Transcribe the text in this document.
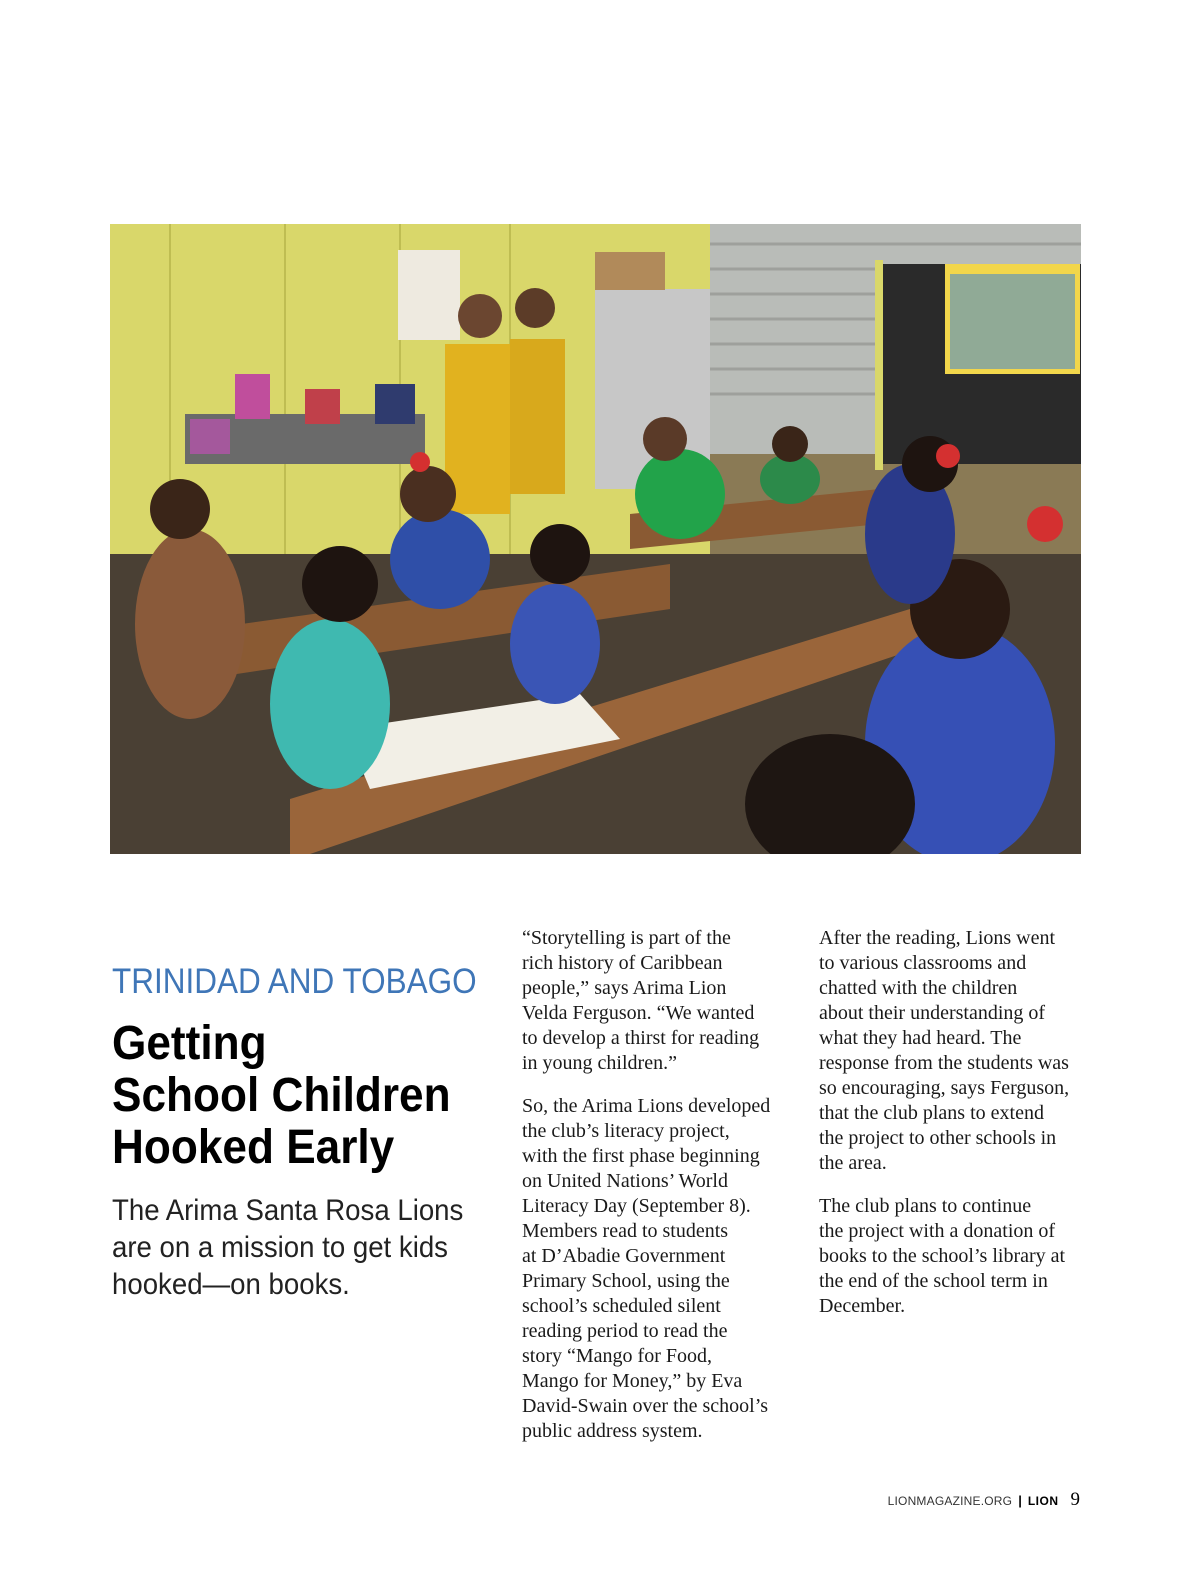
TRINIDAD AND TOBAGO
Getting
School Children
Hooked Early
The Arima Santa Rosa Lions
are on a mission to get kids
hooked—on books.

“Storytelling is part of the
rich history of Caribbean
people,” says Arima Lion
Velda Ferguson. “We wanted
to develop a thirst for reading
in young children.”

So, the Arima Lions developed
the club’s literacy project,
with the first phase beginning
on United Nations’ World
Literacy Day (September 8).
Members read to students
at D’Abadie Government
Primary School, using the
school’s scheduled silent
reading period to read the
story “Mango for Food,
Mango for Money,” by Eva
David-Swain over the school’s
public address system.

After the reading, Lions went
to various classrooms and
chatted with the children
about their understanding of
what they had heard. The
response from the students was
so encouraging, says Ferguson,
that the club plans to extend
the project to other schools in
the area.

The club plans to continue
the project with a donation of
books to the school’s library at
the end of the school term in
December.

LIONMAGAZINE.ORG | LION 9
